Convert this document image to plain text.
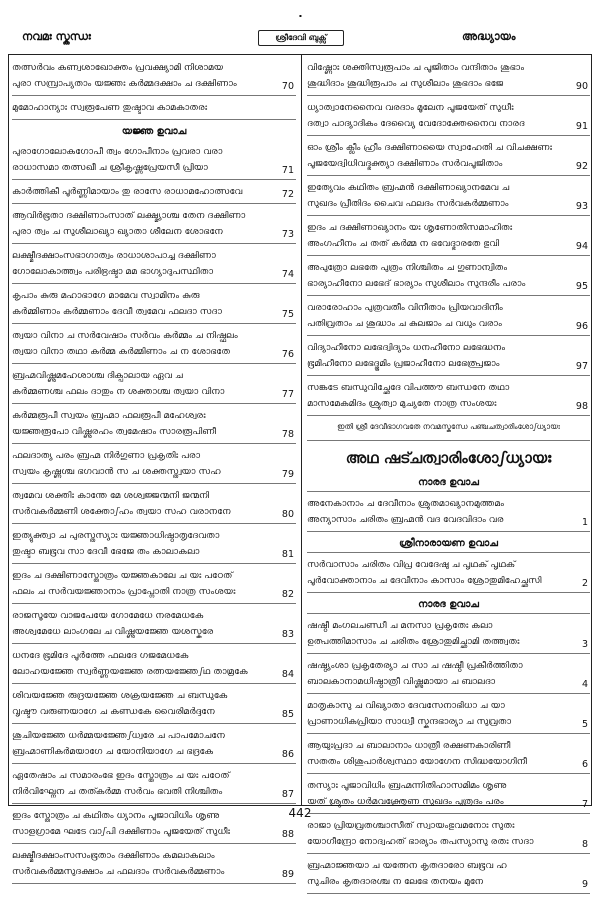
നവമഃ സ്കന്ധഃ
ᐧ
ശ്രീദേവി ബുക്സ്	അദ്ധ്യായം
തത്സർവം കണ്വശാഖോക്തം പ്രവക്ഷ്യാമി നിശാമയ
പുരാ സമ്പ്രാപ്യതാം യജ്ഞഃ കർമ്മദക്ഷാം ച ദക്ഷിണാം	70
മുമോഹാന്യാഃ സ്വരൂപേണ തുഷ്ടാവ കാമകാതരഃ
യജ്ഞ ഉവാച
പുരാഗോലോകഗോപീ ത്വം ഗോപീനാം പ്രവരാ വരാ
രാധാസമാ തത്സഖീ ച ശ്രീകൃഷ്ണപ്രേയസീ പ്രിയാ	71
കാർത്തികീ പൂർണ്ണിമായാം തു രാസേ രാധാമഹോത്സവേ	72
ആവിർഭൂതാ ദക്ഷിണാംസാത് ലക്ഷ്മ്യാശ്ച തേന ദക്ഷിണാ
പുരാ ത്വം ച സുശീലാഖ്യാ ഖ്യാതാ ശീലേന ശോഭനേ	73
ലക്ഷ്മീദക്ഷാംസഭാഗാത്വം രാധാശാപാച്ച ദക്ഷിണാ
ഗോലോകാത്ത്വം പരിഭ്രഷ്ടാ മമ ഭാഗ്യാദുപസ്ഥിതാ	74
കൃപാം കുരു മഹാഭാഗേ മാമേവ സ്വാമിനം കുരു
കർമ്മിണാം കർമ്മണാം ദേവീ ത്വമേവ ഫലദാ സദാ	75
ത്വയാ വിനാ ച സർവേഷാം സർവം കർമ്മം ച നിഷ്ഫലം
ത്വയാ വിനാ തഥാ കർമ്മ കർമ്മിണാം ച ന ശോഭതേ	76
ബ്രഹ്മവിഷ്ണുമഹേശാശ്ച ദിക്പാലായ ഏവ ച
കർമ്മണശ്ച ഫലം ദാതും ന ശക്താശ്ച ത്വയാ വിനാ	77
കർമ്മരൂപീ സ്വയം ബ്രഹ്മാ ഫലരൂപീ മഹേശ്വരഃ
യജ്ഞരൂപോ വിഷ്ണുരഹം ത്വമേഷാം സാരരൂപിണീ	78
ഫലദാത്യ പരം ബ്രഹ്മ നിർഗുണാ പ്രകൃതിഃ പരാ
സ്വയം കൃഷ്ണശ്ച ഭഗവാൻ സ ച ശക്തസ്ത്വയാ സഹ	79
ത്വമേവ ശക്തിഃ കാന്തേ മേ ശശ്വജ്ജന്മനി ജന്മനി
സർവകർമ്മണി ശക്തോഽഹം ത്വയാ സഹ വരാനനേ	80
ഇത്യുക്ത്വാ ച പുരസ്തസ്യാഃ യജ്ഞാധിഷ്ഠാതൃദേവതാ
തുഷ്ടാ ബഭൂവ സാ ദേവീ ഭേജേ തം കാലാകലാ	81
ഇദം ച ദക്ഷിണാസ്തോത്രം യജ്ഞകാലേ ച യഃ പഠേത്
ഫലം ച സർവയജ്ഞാനാം പ്രാപ്നോതി നാത്ര സംശയഃ	82
രാജസൂയേ വാജപേയേ ഗോമേധേ നരമേധകേ
അശ്വമേധേ ലാംഗലേ ച വിഷ്ണുയജ്ഞേ യശസ്കരേ	83
ധനദേ ഭൂമിദേ പൂർത്തേ ഫലദേ ഗജമേധകേ
ലോഹയജ്ഞേ സ്വർണ്ണയജ്ഞേ രത്നയജ്ഞേഽഥ താമ്രകേ	84
ശിവയജ്ഞേ രുദ്രയജ്ഞേ ശക്രയജ്ഞേ ച ബന്ധുകേ
വൃഷ്ടൗ വരുണയാഗേ ച കണ്ഡകേ വൈരിമർദ്ദനേ	85
ശുചിയജ്ഞേ ധർമ്മയജ്ഞേഽധ്വരേ ച പാപമോചനേ
ബ്രഹ്മാണികർമയാഗേ ച യോനിയാഗേ ച ഭദ്രകേ	86
ഏതേഷാം ച സമാരംഭേ ഇദം സ്തോത്രം ച യഃ പഠേത്
നിർവിഘ്നേന ച തത്കർമ്മ സർവം ഭവതി നിശ്ചിതം	87
ഇദം സ്തോത്രം ച കഥിതം ധ്യാനം പൂജാവിധിം ശൃണു
സാളഗ്രാമേ ഘടേ വാഽപി ദക്ഷിണാം പൂജയേത് സുധീഃ	88
ലക്ഷ്മീദക്ഷാംസസംഭൂതാം ദക്ഷിണാം കമലാകലാം
സർവകർമ്മസുദക്ഷാം ച ഫലദാം സർവകർമ്മണാം	89
വിഷ്ണോഃ ശക്തിസ്വരൂപാം ച പൂജിതാം വന്ദിതാം ശുഭാം
ശുദ്ധിദാം ശുദ്ധിരൂപാം ച സുശീലാം ശുഭദാം ഭജേ	90
ധ്യാത്വാനേനൈവ വരദാം മൂലേന പൂജയേത് സുധീഃ
ദത്വാ പാദ്യാദികം ദേവ്യൈ വേദോക്തേനൈവ നാരദ	91
ഓം ശ്രീം ക്ലീം ഹ്രീം ദക്ഷിണായൈ സ്വാഹേതി ച വിചക്ഷണഃ
പൂജയേദ്വിധിവദ്ഭക്ത്യാ ദക്ഷിണാം സർവപൂജിതാം	92
ഇത്യേവം കഥിതം ബ്രഹ്മൻ ദക്ഷിണാഖ്യാനമേവ ച
സുഖദം പ്രീതിദം ചൈവ ഫലദം സർവകർമ്മണാം	93
ഇദം ച ദക്ഷിണാഖ്യാനം യഃ ശൃണോതിസമാഹിതഃ
അംഗഹീനം ച തത് കർമ്മ ന ഭവേദ്ഭാരതേ ഭുവി	94
അപുത്രോ ലഭതേ പുത്രം നിശ്ചിതം ച ഗുണാന്വിതം
ഭാര്യാഹീനോ ലഭേദ് ഭാര്യാം സുശീലാം സുന്ദരീം പരാം	95
വരാരോഹാം പുത്രവതീം വിനീതാം പ്രിയവാദിനീം
പതിവ്രതാം ച ശുദ്ധാം ച കുലജാം ച വധും വരാം	96
വിദ്യാഹീനോ ലഭേദ്വിദ്യാം ധനഹീനോ ലഭേദ്ധനം
ഭൂമിഹീനോ ലഭേദ്ഭൂമിം പ്രജാഹീനോ ലഭേത്പ്രജാം	97
സങ്കടേ ബന്ധുവിച്ഛേദേ വിപത്തൗ ബന്ധനേ തഥാ
മാസമേകമിദം ശ്രുത്വാ മുച്യതേ നാത്ര സംശയഃ	98
ഇതി ശ്രീ ദേവീഭാഗവതേ നവമസ്കന്ധേ പഞ്ചചത്വാരിംശോഽധ്യായഃ
അഥ ഷട്ചത്വാരിംശോഽധ്യായഃ
നാരദ ഉവാച
അനേകാനാം ച ദേവീനാം ശ്രുതമാഖ്യാനമുത്തമം
അന്യാസാം ചരിതം ബ്രഹ്മൻ വദ വേദവിദാം വര	1
ശ്രീനാരായണ ഉവാച
സർവാസാം ചരിതം വിപ്ര വേദേഷു ച പൃഥക് പൃഥക്
പൂർവോക്താനാം ച ദേവീനാം കാസാം ശ്രോതുമിഹേച്ഛസി	2
നാരദ ഉവാച
ഷഷ്ഠീ മംഗലചണ്ഡീ ച മനസാ പ്രകൃതേഃ കലാ
ഉത്പത്തിമാസാം ച ചരിതം ശ്രോതുമിച്ഛാമി തത്ത്വതഃ	3
ഷഷ്ഠ്യംശാ പ്രകൃതേര്യാ ച സാ ച ഷഷ്ഠീ പ്രകീർത്തിതാ
ബാലകാനാമധിഷ്ഠാത്രീ വിഷ്ണുമായാ ച ബാലദാ	4
മാതൃകാസു ച വിഖ്യാതാ ദേവസേനാഭിധാ ച യാ
പ്രാണാധികപ്രിയാ സാധ്വീ സ്കന്ദഭാര്യാ ച സുവ്രതാ	5
ആയുഃപ്രദാ ച ബാലാനാം ധാത്രീ രക്ഷണകാരിണീ
സതതം ശിശുപാർശ്വസ്ഥാ യോഗേന സിദ്ധയോഗിനീ	6
തസ്യാഃ പൂജാവിധിം ബ്രഹ്മന്നിതിഹാസമിമം ശൃണു
യത് ശ്രുതം ധർമവക്ത്രേണ സുഖദം പുത്രദം പരം	7
രാജാ പ്രിയവ്രതശ്ചാസീത് സ്വായംഭുവമനോഃ സുതഃ
യോഗീന്ദ്രോ നോദ്വഹത് ഭാര്യാം തപസ്യാസു രതഃ സദാ	8
ബ്രഹ്മാജ്ഞയാ ച യത്നേന കൃതദാരോ ബഭൂവ ഹ
സുചിരം കൃതദാരശ്ച ന ലേഭേ തനയം മുനേ	9
442
